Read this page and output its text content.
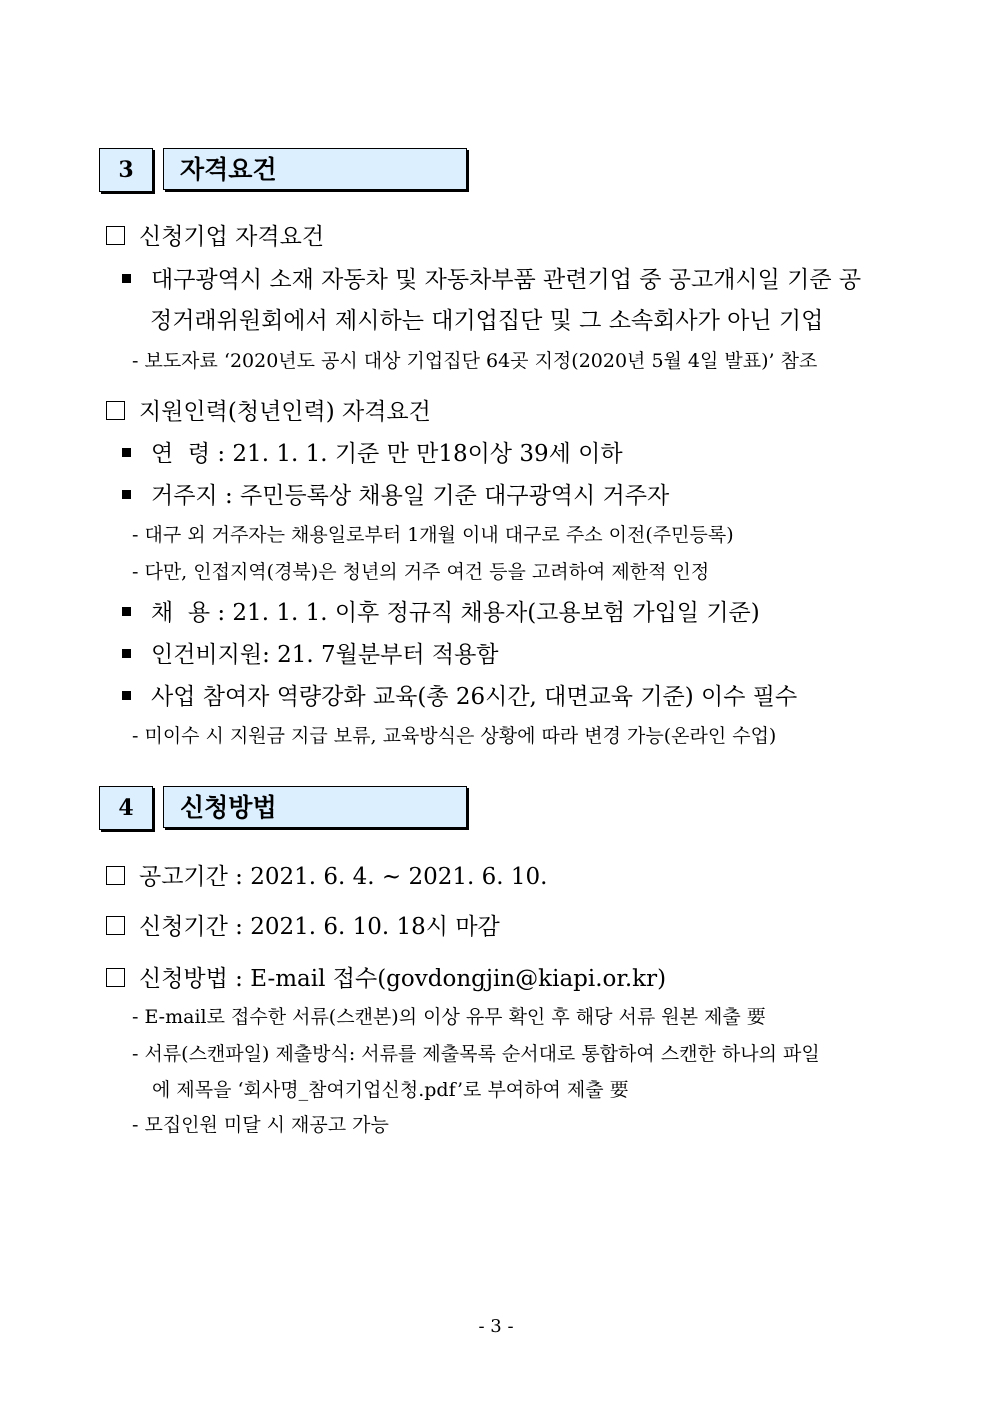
3	자격요건
신청기업 자격요건
대구광역시 소재 자동차 및 자동차부품 관련기업 중 공고개시일 기준 공
정거래위원회에서 제시하는 대기업집단 및 그 소속회사가 아닌 기업
- 보도자료 ‘2020년도 공시 대상 기업집단 64곳 지정(2020년 5월 4일 발표)’ 참조
지원인력(청년인력) 자격요건
연  령 : 21. 1. 1. 기준 만 만18이상 39세 이하
거주지 : 주민등록상 채용일 기준 대구광역시 거주자
- 대구 외 거주자는 채용일로부터 1개월 이내 대구로 주소 이전(주민등록)
- 다만, 인접지역(경북)은 청년의 거주 여건 등을 고려하여 제한적 인정
채  용 : 21. 1. 1. 이후 정규직 채용자(고용보험 가입일 기준)
인건비지원: 21. 7월분부터 적용함
사업 참여자 역량강화 교육(총 26시간, 대면교육 기준) 이수 필수
- 미이수 시 지원금 지급 보류, 교육방식은 상황에 따라 변경 가능(온라인 수업)
4	신청방법
공고기간 : 2021. 6. 4. ~ 2021. 6. 10.
신청기간 : 2021. 6. 10. 18시 마감
신청방법 : E-mail 접수(govdongjin@kiapi.or.kr)
- E-mail로 접수한 서류(스캔본)의 이상 유무 확인 후 해당 서류 원본 제출 要
- 서류(스캔파일) 제출방식: 서류를 제출목록 순서대로 통합하여 스캔한 하나의 파일
에 제목을 ‘회사명_참여기업신청.pdf’로 부여하여 제출 要
- 모집인원 미달 시 재공고 가능
- 3 -
